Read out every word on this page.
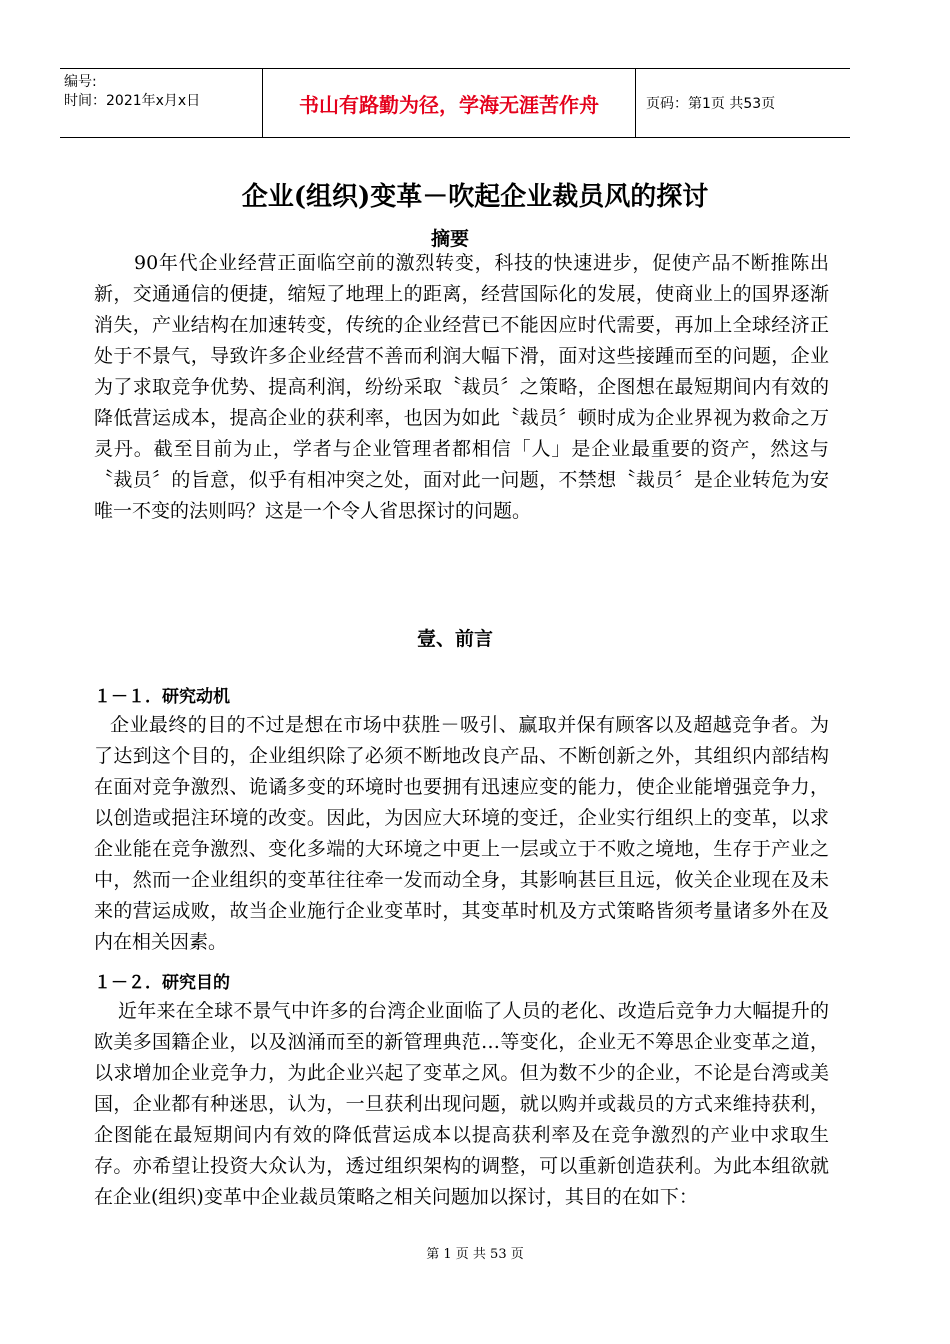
编号:
时间：2021年x月x日	书山有路勤为径，学海无涯苦作舟	页码：第1页 共53页
企业(组织)变革－吹起企业裁员风的探讨
摘要

90年代企业经营正面临空前的激烈转变，科技的快速进步，促使产品不断推陈出新，交通通信的便捷，缩短了地理上的距离，经营国际化的发展，使商业上的国界逐渐消失，产业结构在加速转变，传统的企业经营已不能因应时代需要，再加上全球经济正处于不景气，导致许多企业经营不善而利润大幅下滑，面对这些接踵而至的问题，企业为了求取竞争优势、提高利润，纷纷采取〝裁员〞之策略，企图想在最短期间内有效的降低营运成本，提高企业的获利率，也因为如此〝裁员〞顿时成为企业界视为救命之万灵丹。截至目前为止，学者与企业管理者都相信「人」是企业最重要的资产，然这与〝裁员〞的旨意，似乎有相冲突之处，面对此一问题，不禁想〝裁员〞是企业转危为安唯一不变的法则吗？这是一个令人省思探讨的问题。

壹、前言
１－１．研究动机

企业最终的目的不过是想在市场中获胜－吸引、赢取并保有顾客以及超越竞争者。为了达到这个目的，企业组织除了必须不断地改良产品、不断创新之外，其组织内部结构在面对竞争激烈、诡谲多变的环境时也要拥有迅速应变的能力，使企业能增强竞争力，以创造或挹注环境的改变。因此，为因应大环境的变迁，企业实行组织上的变革，以求企业能在竞争激烈、变化多端的大环境之中更上一层或立于不败之境地，生存于产业之中，然而一企业组织的变革往往牵一发而动全身，其影响甚巨且远，攸关企业现在及未来的营运成败，故当企业施行企业变革时，其变革时机及方式策略皆须考量诸多外在及内在相关因素。

１－２．研究目的

近年来在全球不景气中许多的台湾企业面临了人员的老化、改造后竞争力大幅提升的欧美多国籍企业，以及汹涌而至的新管理典范…等变化，企业无不筹思企业变革之道，以求增加企业竞争力，为此企业兴起了变革之风。但为数不少的企业，不论是台湾或美国，企业都有种迷思，认为，一旦获利出现问题，就以购并或裁员的方式来维持获利，企图能在最短期间内有效的降低营运成本以提高获利率及在竞争激烈的产业中求取生存。亦希望让投资大众认为，透过组织架构的调整，可以重新创造获利。为此本组欲就在企业(组织)变革中企业裁员策略之相关问题加以探讨，其目的在如下：

第 1 页 共 53 页
